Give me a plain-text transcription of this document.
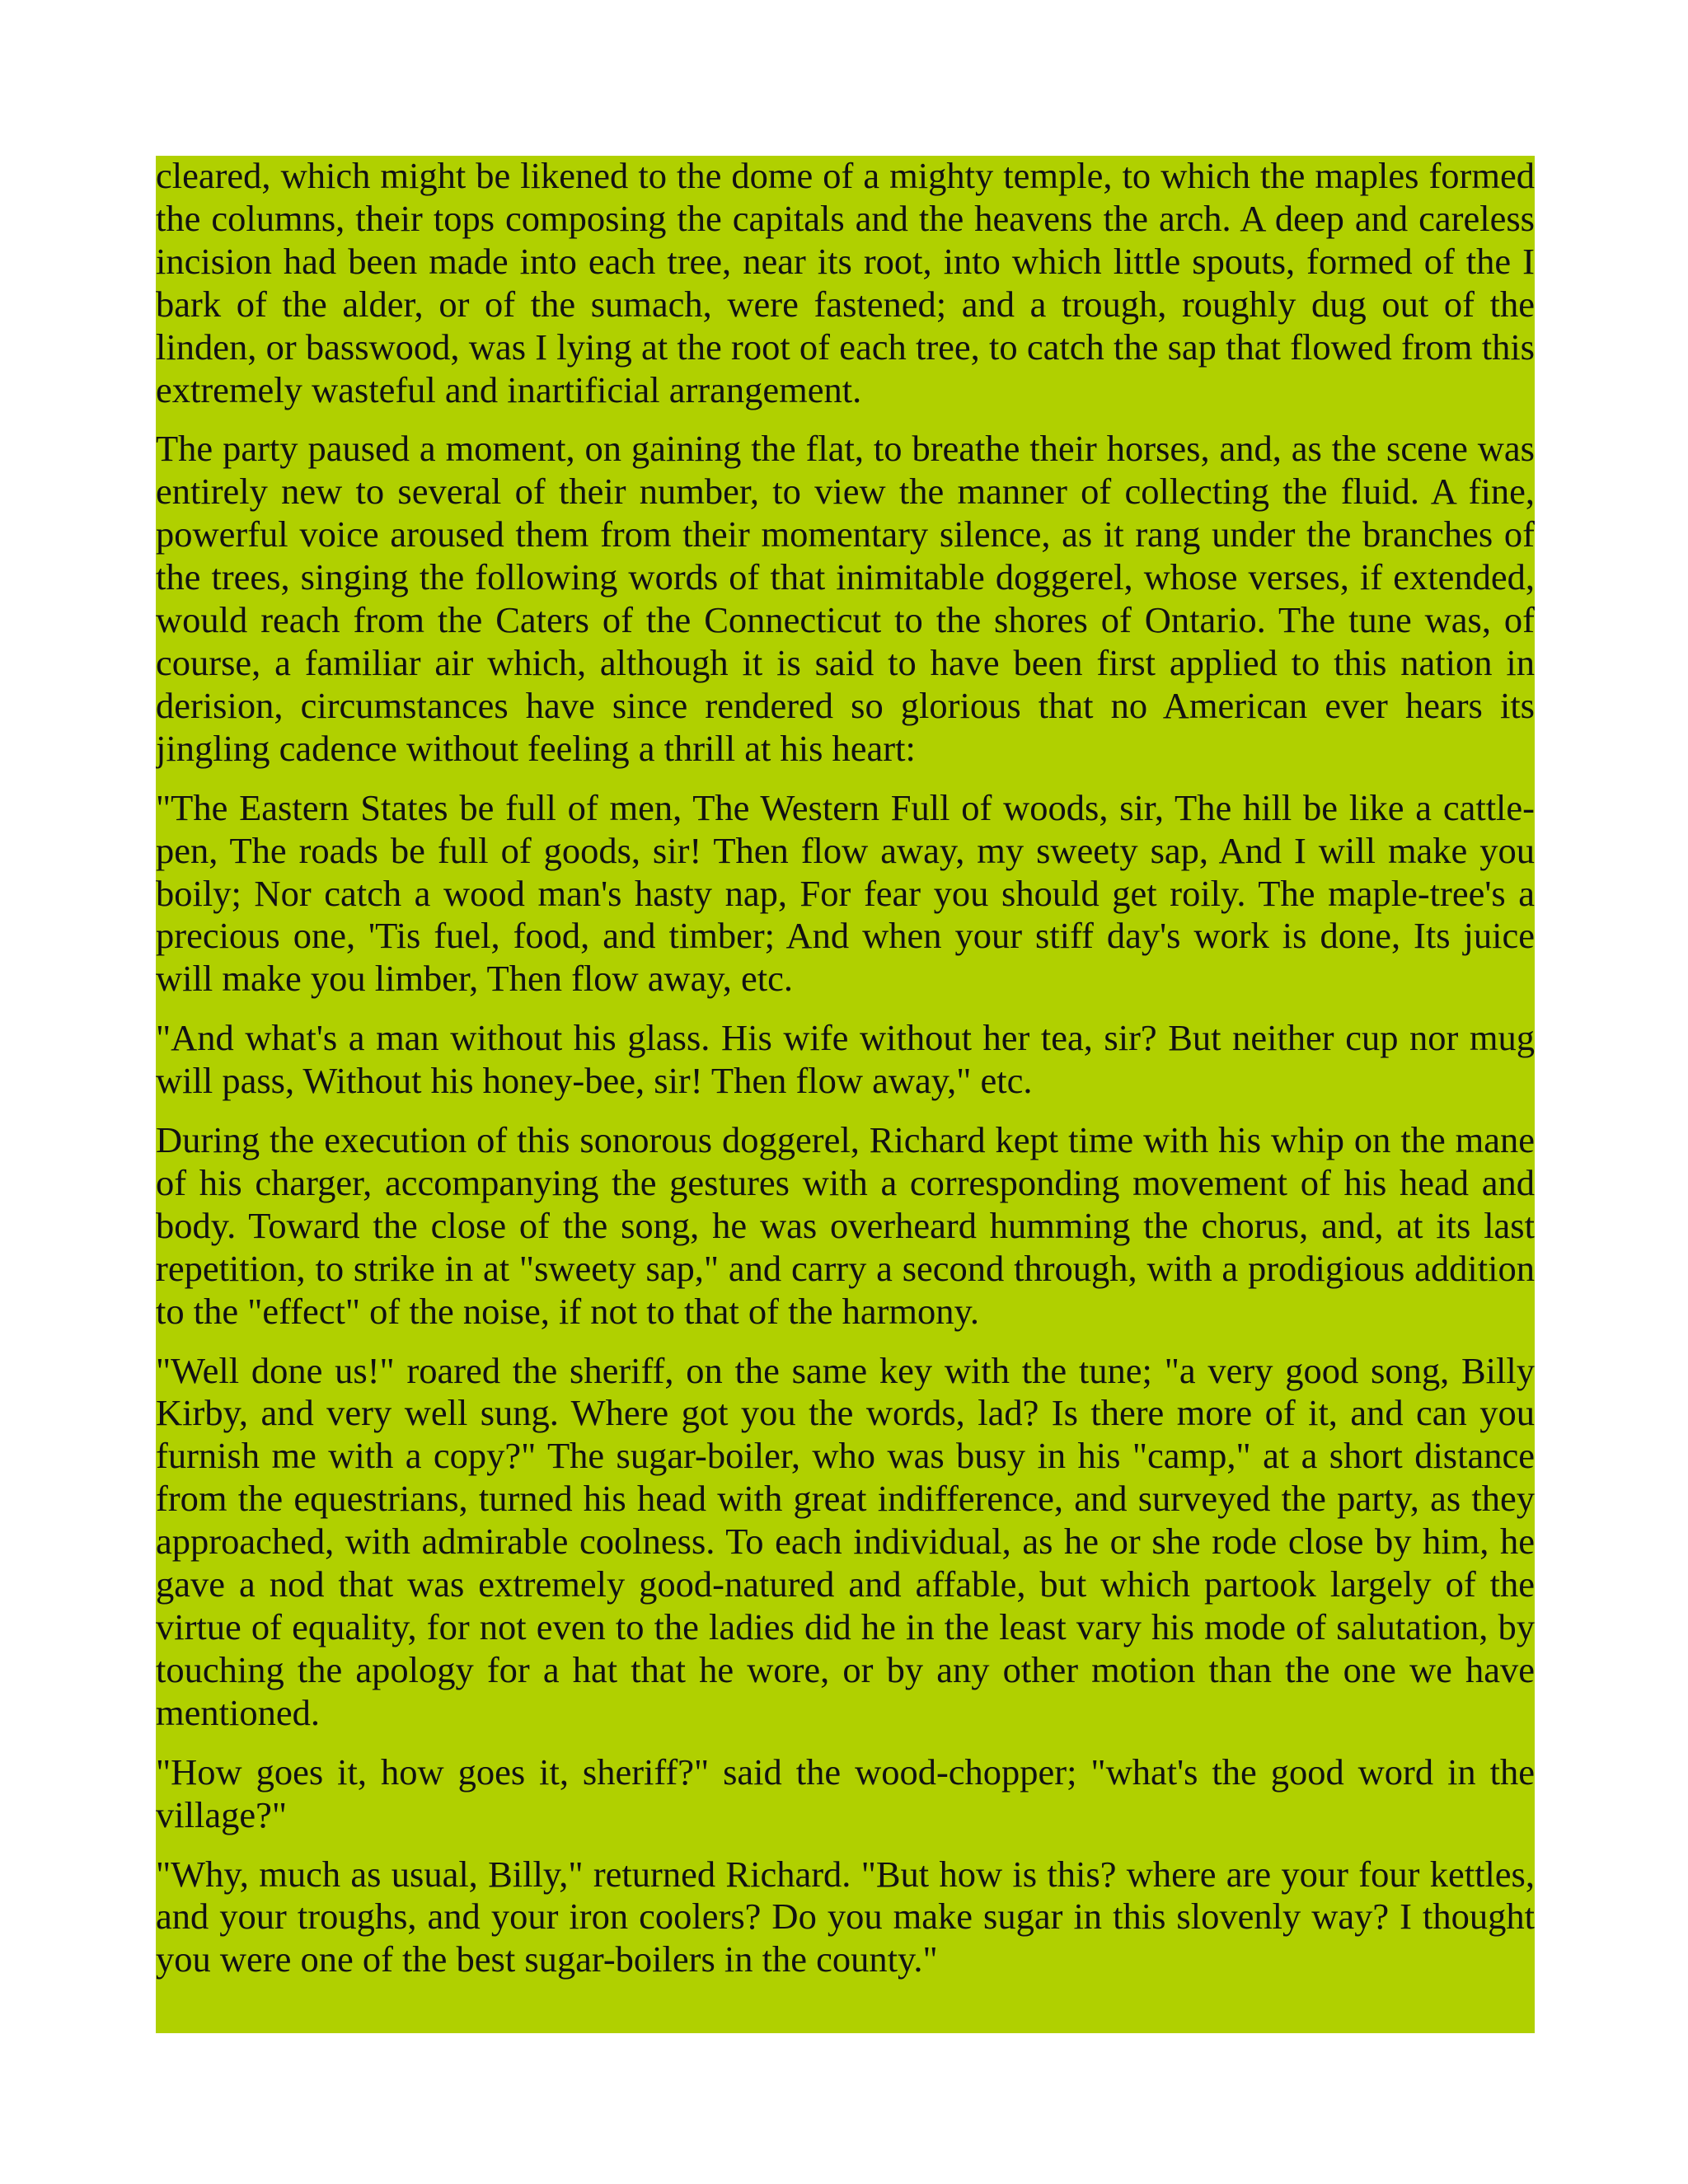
cleared, which might be likened to the dome of a mighty temple, to which the maples formed the columns, their tops composing the capitals and the heavens the arch. A deep and careless incision had been made into each tree, near its root, into which little spouts, formed of the I bark of the alder, or of the sumach, were fastened; and a trough, roughly dug out of the linden, or basswood, was I lying at the root of each tree, to catch the sap that flowed from this extremely wasteful and inartificial arrangement.

The party paused a moment, on gaining the flat, to breathe their horses, and, as the scene was entirely new to several of their number, to view the manner of collecting the fluid. A fine, powerful voice aroused them from their momentary silence, as it rang under the branches of the trees, singing the following words of that inimitable doggerel, whose verses, if extended, would reach from the Caters of the Connecticut to the shores of Ontario. The tune was, of course, a familiar air which, although it is said to have been first applied to this nation in derision, circumstances have since rendered so glorious that no American ever hears its jingling cadence without feeling a thrill at his heart:

"The Eastern States be full of men, The Western Full of woods, sir, The hill be like a cattle-pen, The roads be full of goods, sir! Then flow away, my sweety sap, And I will make you boily; Nor catch a wood man's hasty nap, For fear you should get roily. The maple-tree's a precious one, 'Tis fuel, food, and timber; And when your stiff day's work is done, Its juice will make you limber, Then flow away, etc.

"And what's a man without his glass. His wife without her tea, sir? But neither cup nor mug will pass, Without his honey-bee, sir! Then flow away," etc.

During the execution of this sonorous doggerel, Richard kept time with his whip on the mane of his charger, accompanying the gestures with a corresponding movement of his head and body. Toward the close of the song, he was overheard humming the chorus, and, at its last repetition, to strike in at "sweety sap," and carry a second through, with a prodigious addition to the "effect" of the noise, if not to that of the harmony.

"Well done us!" roared the sheriff, on the same key with the tune; "a very good song, Billy Kirby, and very well sung. Where got you the words, lad? Is there more of it, and can you furnish me with a copy?" The sugar-boiler, who was busy in his "camp," at a short distance from the equestrians, turned his head with great indifference, and surveyed the party, as they approached, with admirable coolness. To each individual, as he or she rode close by him, he gave a nod that was extremely good-natured and affable, but which partook largely of the virtue of equality, for not even to the ladies did he in the least vary his mode of salutation, by touching the apology for a hat that he wore, or by any other motion than the one we have mentioned.

"How goes it, how goes it, sheriff?" said the wood-chopper; "what's the good word in the village?"

"Why, much as usual, Billy," returned Richard. "But how is this? where are your four kettles, and your troughs, and your iron coolers? Do you make sugar in this slovenly way? I thought you were one of the best sugar-boilers in the county."
